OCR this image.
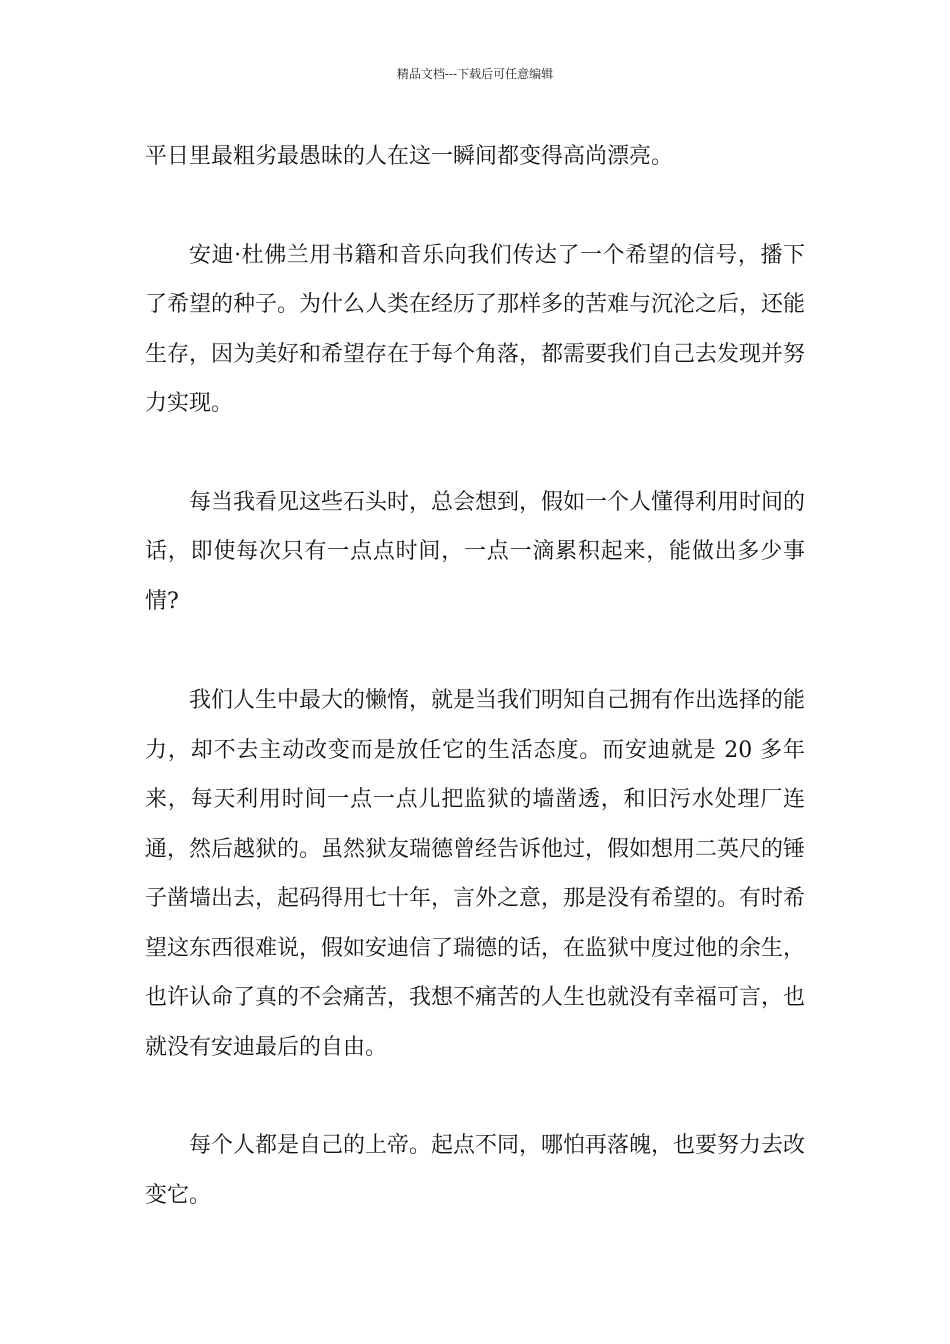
精品文档---下载后可任意编辑

平日里最粗劣最愚昧的人在这一瞬间都变得高尚漂亮。

安迪·杜佛兰用书籍和音乐向我们传达了一个希望的信号，播下了希望的种子。为什么人类在经历了那样多的苦难与沉沦之后，还能生存，因为美好和希望存在于每个角落，都需要我们自己去发现并努力实现。

每当我看见这些石头时，总会想到，假如一个人懂得利用时间的话，即使每次只有一点点时间，一点一滴累积起来，能做出多少事情?

我们人生中最大的懒惰，就是当我们明知自己拥有作出选择的能力，却不去主动改变而是放任它的生活态度。而安迪就是 20 多年来，每天利用时间一点一点儿把监狱的墙凿透，和旧污水处理厂连通，然后越狱的。虽然狱友瑞德曾经告诉他过，假如想用二英尺的锤子凿墙出去，起码得用七十年，言外之意，那是没有希望的。有时希望这东西很难说，假如安迪信了瑞德的话，在监狱中度过他的余生，也许认命了真的不会痛苦，我想不痛苦的人生也就没有幸福可言，也就没有安迪最后的自由。

每个人都是自己的上帝。起点不同，哪怕再落魄，也要努力去改变它。
